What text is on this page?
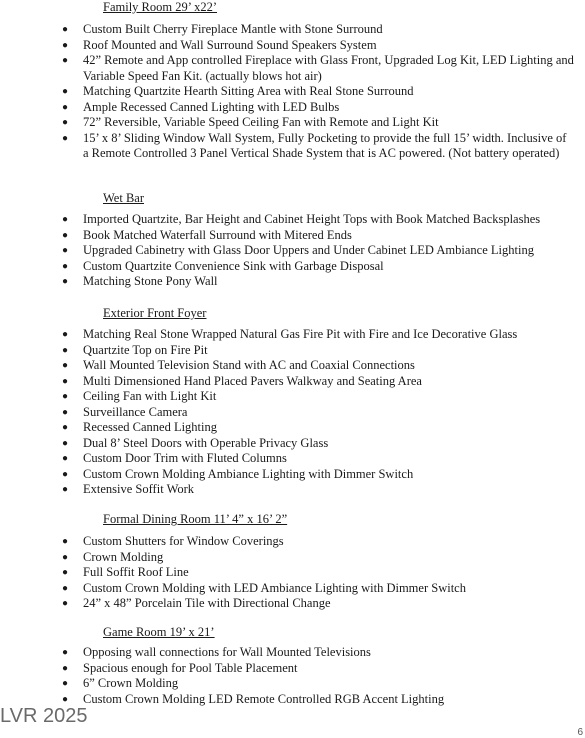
Family Room 29’ x22’
● Custom Built Cherry Fireplace Mantle with Stone Surround
● Roof Mounted and Wall Surround Sound Speakers System
● 42” Remote and App controlled Fireplace with Glass Front, Upgraded Log Kit, LED Lighting and Variable Speed Fan Kit. (actually blows hot air)
● Matching Quartzite Hearth Sitting Area with Real Stone Surround
● Ample Recessed Canned Lighting with LED Bulbs
● 72” Reversible, Variable Speed Ceiling Fan with Remote and Light Kit
● 15’ x 8’ Sliding Window Wall System, Fully Pocketing to provide the full 15’ width. Inclusive of a Remote Controlled 3 Panel Vertical Shade System that is AC powered. (Not battery operated)
Wet Bar
● Imported Quartzite, Bar Height and Cabinet Height Tops with Book Matched Backsplashes
● Book Matched Waterfall Surround with Mitered Ends
● Upgraded Cabinetry with Glass Door Uppers and Under Cabinet LED Ambiance Lighting
● Custom Quartzite Convenience Sink with Garbage Disposal
● Matching Stone Pony Wall
Exterior Front Foyer
● Matching Real Stone Wrapped Natural Gas Fire Pit with Fire and Ice Decorative Glass
● Quartzite Top on Fire Pit
● Wall Mounted Television Stand with AC and Coaxial Connections
● Multi Dimensioned Hand Placed Pavers Walkway and Seating Area
● Ceiling Fan with Light Kit
● Surveillance Camera
● Recessed Canned Lighting
● Dual 8’ Steel Doors with Operable Privacy Glass
● Custom Door Trim with Fluted Columns
● Custom Crown Molding Ambiance Lighting with Dimmer Switch
● Extensive Soffit Work
Formal Dining Room 11’ 4” x 16’ 2”
● Custom Shutters for Window Coverings
● Crown Molding
● Full Soffit Roof Line
● Custom Crown Molding with LED Ambiance Lighting with Dimmer Switch
● 24” x 48” Porcelain Tile with Directional Change
Game Room 19’ x 21’
● Opposing wall connections for Wall Mounted Televisions
● Spacious enough for Pool Table Placement
● 6” Crown Molding
● Custom Crown Molding LED Remote Controlled RGB Accent Lighting
LVR 2025
6
